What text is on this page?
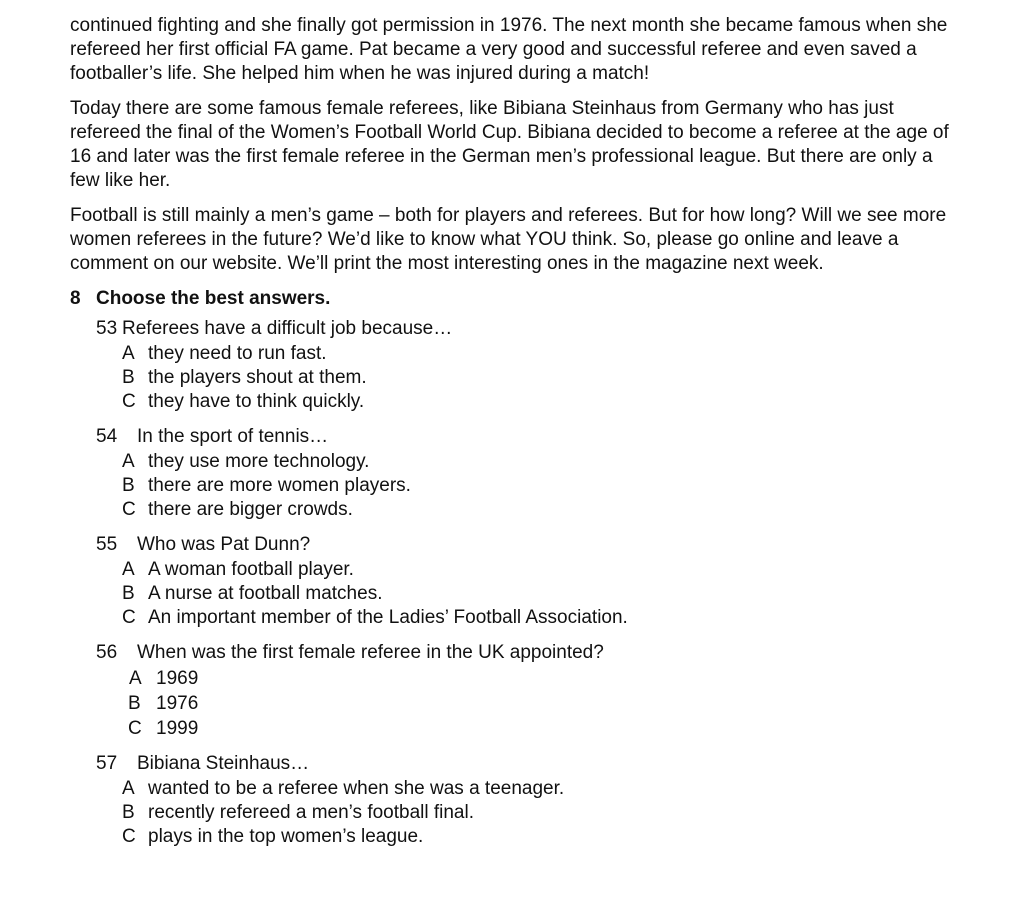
continued fighting and she finally got permission in 1976. The next month she became famous when she refereed her first official FA game. Pat became a very good and successful referee and even saved a footballer’s life. She helped him when he was injured during a match!

Today there are some famous female referees, like Bibiana Steinhaus from Germany who has just refereed the final of the Women’s Football World Cup. Bibiana decided to become a referee at the age of 16 and later was the first female referee in the German men’s professional league. But there are only a few like her.

Football is still mainly a men’s game – both for players and referees. But for how long? Will we see more women referees in the future? We’d like to know what YOU think. So, please go online and leave a comment on our website. We’ll print the most interesting ones in the magazine next week.

8 Choose the best answers.
53 Referees have a difficult job because…
A they need to run fast.
B the players shout at them.
C they have to think quickly.
54	In the sport of tennis…
A they use more technology.
B there are more women players.
C there are bigger crowds.
55	Who was Pat Dunn?
A A woman football player.
B A nurse at football matches.
C An important member of the Ladies’ Football Association.
56	When was the first female referee in the UK appointed?
A 1969
B 1976
C 1999
57	Bibiana Steinhaus…
A wanted to be a referee when she was a teenager.
B recently refereed a men’s football final.
C plays in the top women’s league.
